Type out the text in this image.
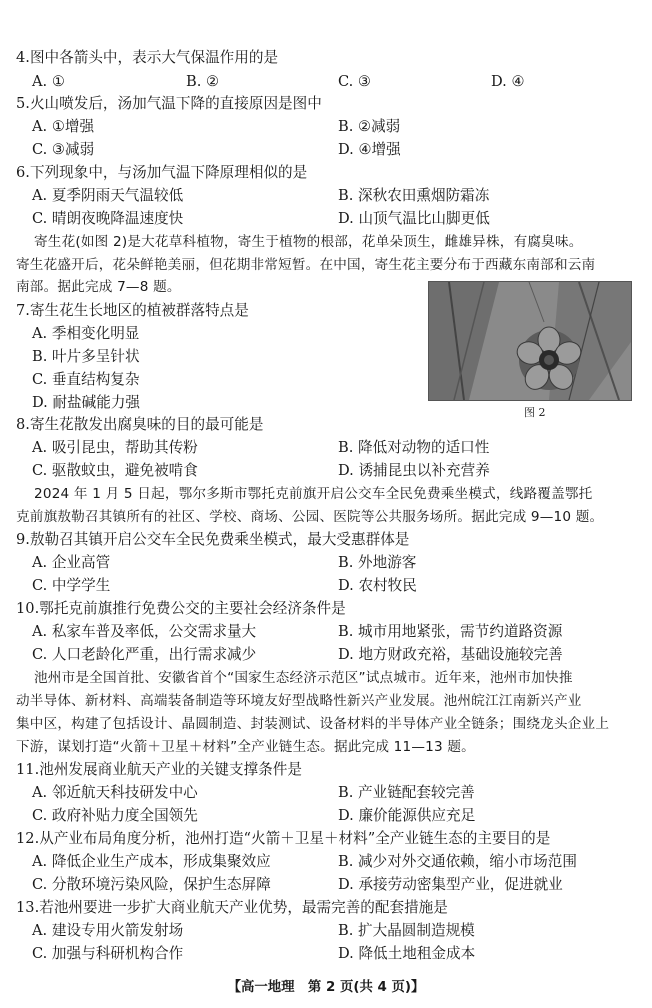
4.图中各箭头中，表示大气保温作用的是
A. ①	B. ②	C. ③	D. ④
5.火山喷发后，汤加气温下降的直接原因是图中
A. ①增强	B. ②减弱
C. ③减弱	D. ④增强
6.下列现象中，与汤加气温下降原理相似的是
A. 夏季阴雨天气温较低	B. 深秋农田熏烟防霜冻
C. 晴朗夜晚降温速度快	D. 山顶气温比山脚更低
寄生花(如图 2)是大花草科植物，寄生于植物的根部，花单朵顶生，雌雄异株，有腐臭味。
寄生花盛开后，花朵鲜艳美丽，但花期非常短暂。在中国，寄生花主要分布于西藏东南部和云南
南部。据此完成 7—8 题。
图 2
7.寄生花生长地区的植被群落特点是
A. 季相变化明显
B. 叶片多呈针状
C. 垂直结构复杂
D. 耐盐碱能力强
8.寄生花散发出腐臭味的目的最可能是
A. 吸引昆虫，帮助其传粉	B. 降低对动物的适口性
C. 驱散蚊虫，避免被啃食	D. 诱捕昆虫以补充营养
2024 年 1 月 5 日起，鄂尔多斯市鄂托克前旗开启公交车全民免费乘坐模式，线路覆盖鄂托
克前旗敖勒召其镇所有的社区、学校、商场、公园、医院等公共服务场所。据此完成 9—10 题。
9.敖勒召其镇开启公交车全民免费乘坐模式，最大受惠群体是
A. 企业高管	B. 外地游客
C. 中学学生	D. 农村牧民
10.鄂托克前旗推行免费公交的主要社会经济条件是
A. 私家车普及率低，公交需求量大	B. 城市用地紧张，需节约道路资源
C. 人口老龄化严重，出行需求减少	D. 地方财政充裕，基础设施较完善
池州市是全国首批、安徽省首个“国家生态经济示范区”试点城市。近年来，池州市加快推
动半导体、新材料、高端装备制造等环境友好型战略性新兴产业发展。池州皖江江南新兴产业
集中区，构建了包括设计、晶圆制造、封装测试、设备材料的半导体产业全链条；围绕龙头企业上
下游，谋划打造“火箭＋卫星＋材料”全产业链生态。据此完成 11—13 题。
11.池州发展商业航天产业的关键支撑条件是
A. 邻近航天科技研发中心	B. 产业链配套较完善
C. 政府补贴力度全国领先	D. 廉价能源供应充足
12.从产业布局角度分析，池州打造“火箭＋卫星＋材料”全产业链生态的主要目的是
A. 降低企业生产成本，形成集聚效应	B. 减少对外交通依赖，缩小市场范围
C. 分散环境污染风险，保护生态屏障	D. 承接劳动密集型产业，促进就业
13.若池州要进一步扩大商业航天产业优势，最需完善的配套措施是
A. 建设专用火箭发射场	B. 扩大晶圆制造规模
C. 加强与科研机构合作	D. 降低土地租金成本
【高一地理　第 2 页(共 4 页)】
